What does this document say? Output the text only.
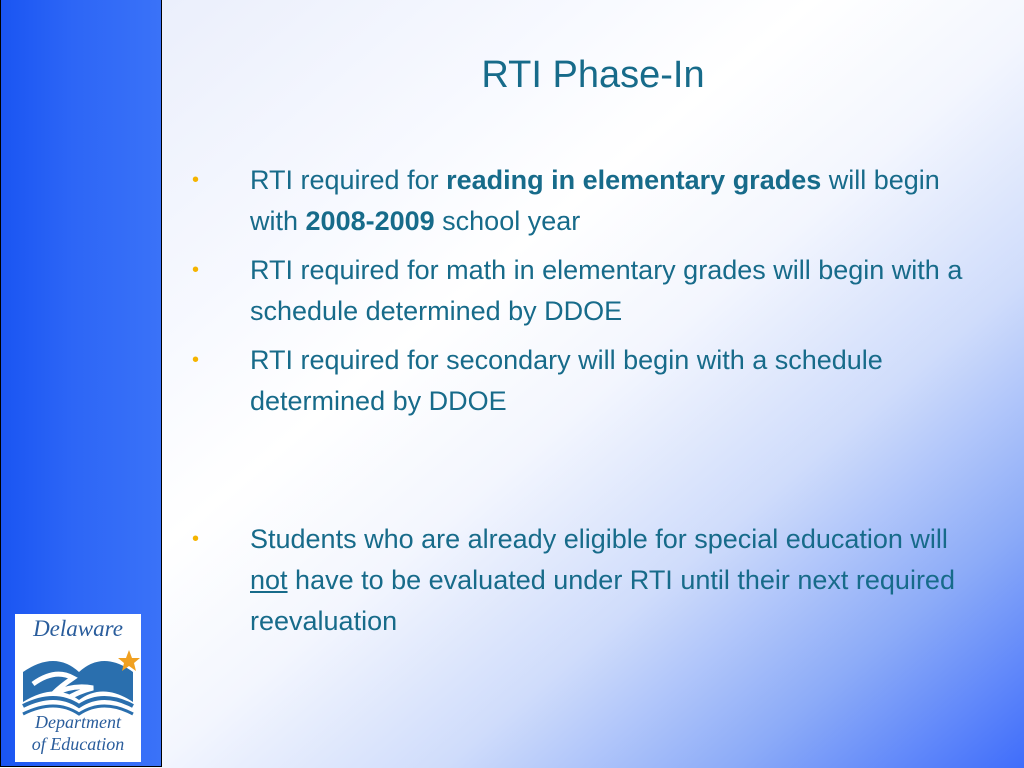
Delaware
Department
of Education
RTI Phase-In
• RTI required for reading in elementary grades will begin with 2008-2009 school year
• RTI required for math in elementary grades will begin with a schedule determined by DDOE
• RTI required for secondary will begin with a schedule determined by DDOE
• Students who are already eligible for special education will not have to be evaluated under RTI until their next required reevaluation
